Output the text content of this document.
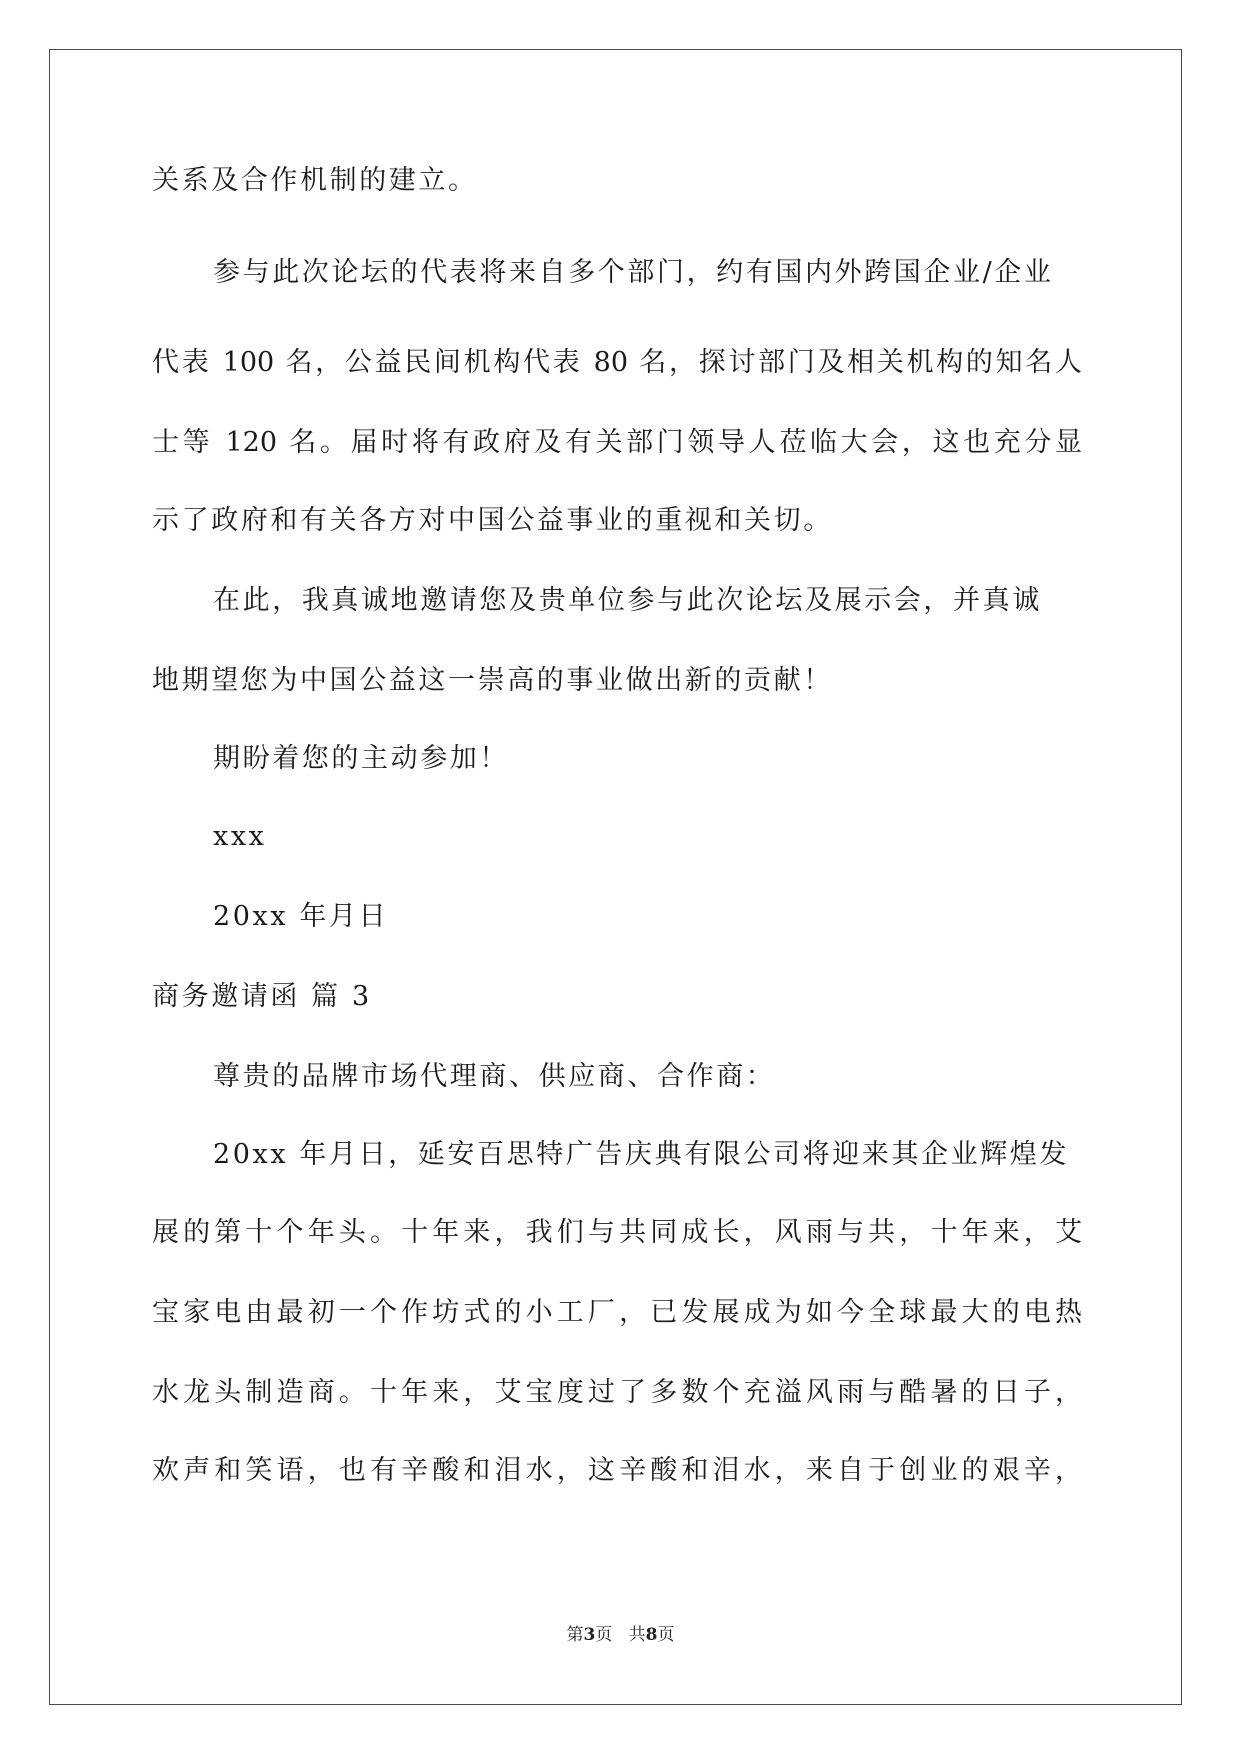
关系及合作机制的建立。
参与此次论坛的代表将来自多个部门，约有国内外跨国企业/企业
代表 100 名，公益民间机构代表 80 名，探讨部门及相关机构的知名人
士等 120 名。届时将有政府及有关部门领导人莅临大会，这也充分显
示了政府和有关各方对中国公益事业的重视和关切。
在此，我真诚地邀请您及贵单位参与此次论坛及展示会，并真诚
地期望您为中国公益这一崇高的事业做出新的贡献！
期盼着您的主动参加！
xxx
20xx 年月日
商务邀请函 篇 3
尊贵的品牌市场代理商、供应商、合作商：
20xx 年月日，延安百思特广告庆典有限公司将迎来其企业辉煌发
展的第十个年头。十年来，我们与共同成长，风雨与共，十年来，艾
宝家电由最初一个作坊式的小工厂，已发展成为如今全球最大的电热
水龙头制造商。十年来，艾宝度过了多数个充溢风雨与酷暑的日子，
欢声和笑语，也有辛酸和泪水，这辛酸和泪水，来自于创业的艰辛，
第3页 共8页
